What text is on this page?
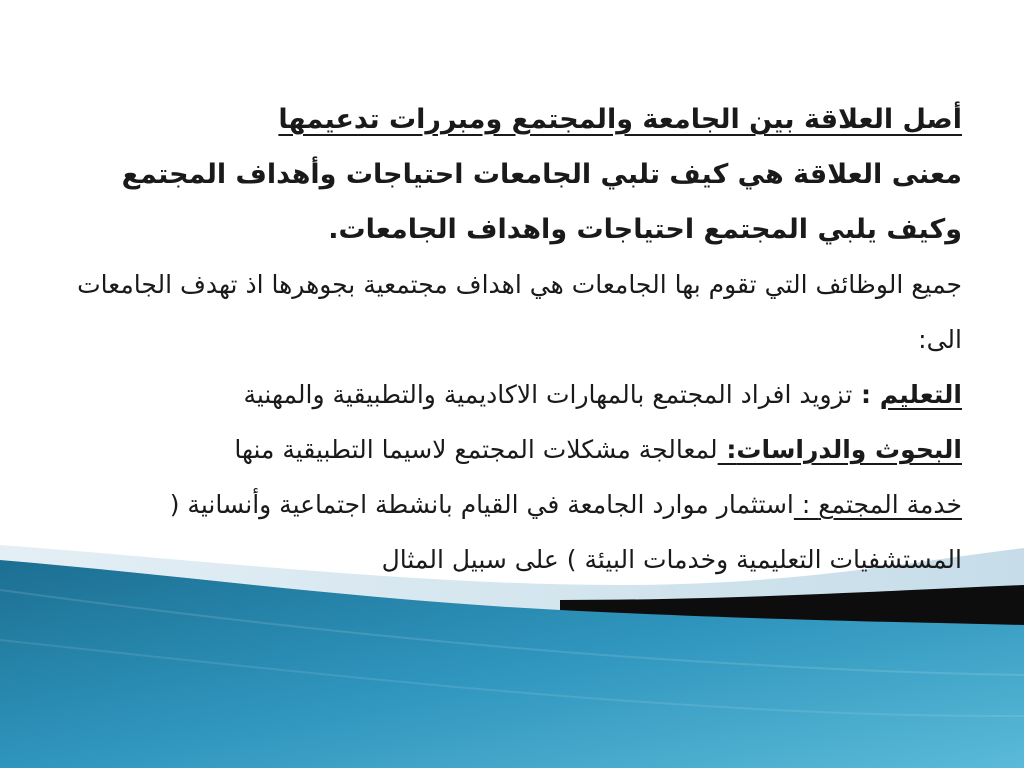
أصل العلاقة بين الجامعة والمجتمع ومبررات تدعيمها

معنى العلاقة هي كيف تلبي الجامعات احتياجات وأهداف المجتمع وكيف يلبي المجتمع احتياجات واهداف الجامعات.

جميع الوظائف التي تقوم بها الجامعات هي اهداف مجتمعية بجوهرها اذ تهدف الجامعات الى:

التعليم : تزويد افراد المجتمع بالمهارات الاكاديمية والتطبيقية والمهنية

البحوث والدراسات: لمعالجة مشكلات المجتمع لاسيما التطبيقية منها

خدمة المجتمع : استثمار موارد الجامعة في القيام بانشطة اجتماعية وأنسانية ( المستشفيات التعليمية وخدمات البيئة ) على سبيل المثال
